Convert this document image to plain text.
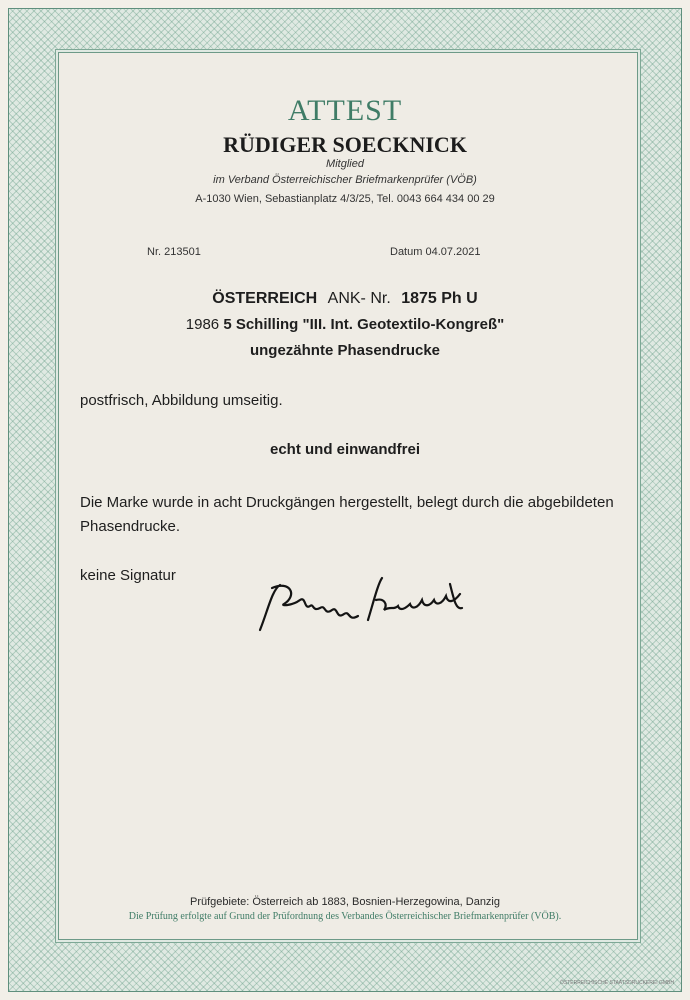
ATTEST
RÜDIGER SOECKNICK
Mitglied
im Verband Österreichischer Briefmarkenprüfer (VÖB)
A-1030 Wien, Sebastianplatz 4/3/25, Tel. 0043 664 434 00 29
Nr. 213501	Datum 04.07.2021
ÖSTERREICH ANK- Nr. 1875 Ph U
1986 5 Schilling "III. Int. Geotextilo-Kongreß"
ungezähnte Phasendrucke
postfrisch, Abbildung umseitig.
echt und einwandfrei
Die Marke wurde in acht Druckgängen hergestellt, belegt durch die abgebildeten Phasendrucke.
keine Signatur
Prüfgebiete: Österreich ab 1883, Bosnien-Herzegowina, Danzig
Die Prüfung erfolgte auf Grund der Prüfordnung des Verbandes Österreichischer Briefmarkenprüfer (VÖB).
ÖSTERREICHISCHE STAATSDRUCKEREI GMBH
